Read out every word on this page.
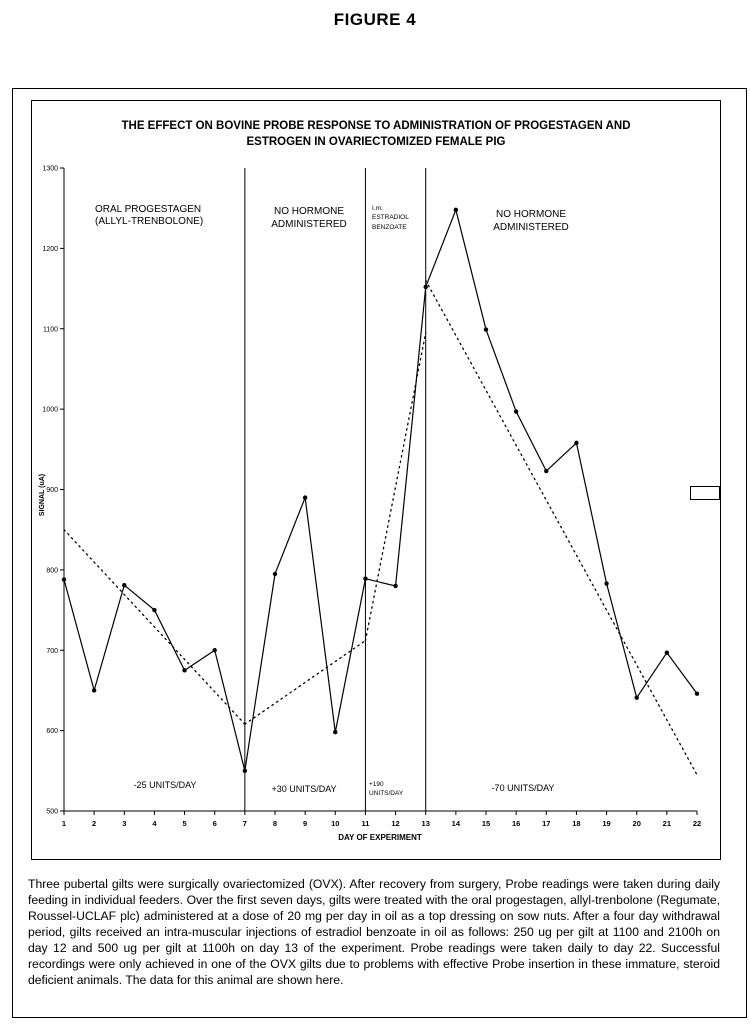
FIGURE 4
THE EFFECT ON BOVINE PROBE RESPONSE TO ADMINISTRATION OF PROGESTAGEN AND
ESTROGEN IN OVARIECTOMIZED FEMALE PIG
1	2	3	4	5	6	7	8	9	10	11	12	13	14	15	16	17	18	19	20	21	22
500
600
700
800
900
1000
1100
1200
1300
ORAL PROGESTAGEN
(ALLYL-TRENBOLONE)
-25 UNITS/DAY
NO HORMONE
ADMINISTERED
+30 UNITS/DAY
I.m.
ESTRADIOL
BENZOATE
+190
UNITS/DAY
NO HORMONE
ADMINISTERED
-70 UNITS/DAY
DAY OF EXPERIMENT
SIGNAL (uA)
Three pubertal gilts were surgically ovariectomized (OVX). After recovery from surgery, Probe readings were taken during daily feeding in individual feeders. Over the first seven days, gilts were treated with the oral progestagen, allyl-trenbolone (Regumate, Roussel-UCLAF plc) administered at a dose of 20 mg per day in oil as a top dressing on sow nuts. After a four day withdrawal period, gilts received an intra-muscular injections of estradiol benzoate in oil as follows: 250 ug per gilt at 1100 and 2100h on day 12 and 500 ug per gilt at 1100h on day 13 of the experiment. Probe readings were taken daily to day 22. Successful recordings were only achieved in one of the OVX gilts due to problems with effective Probe insertion in these immature, steroid deficient animals. The data for this animal are shown here.
